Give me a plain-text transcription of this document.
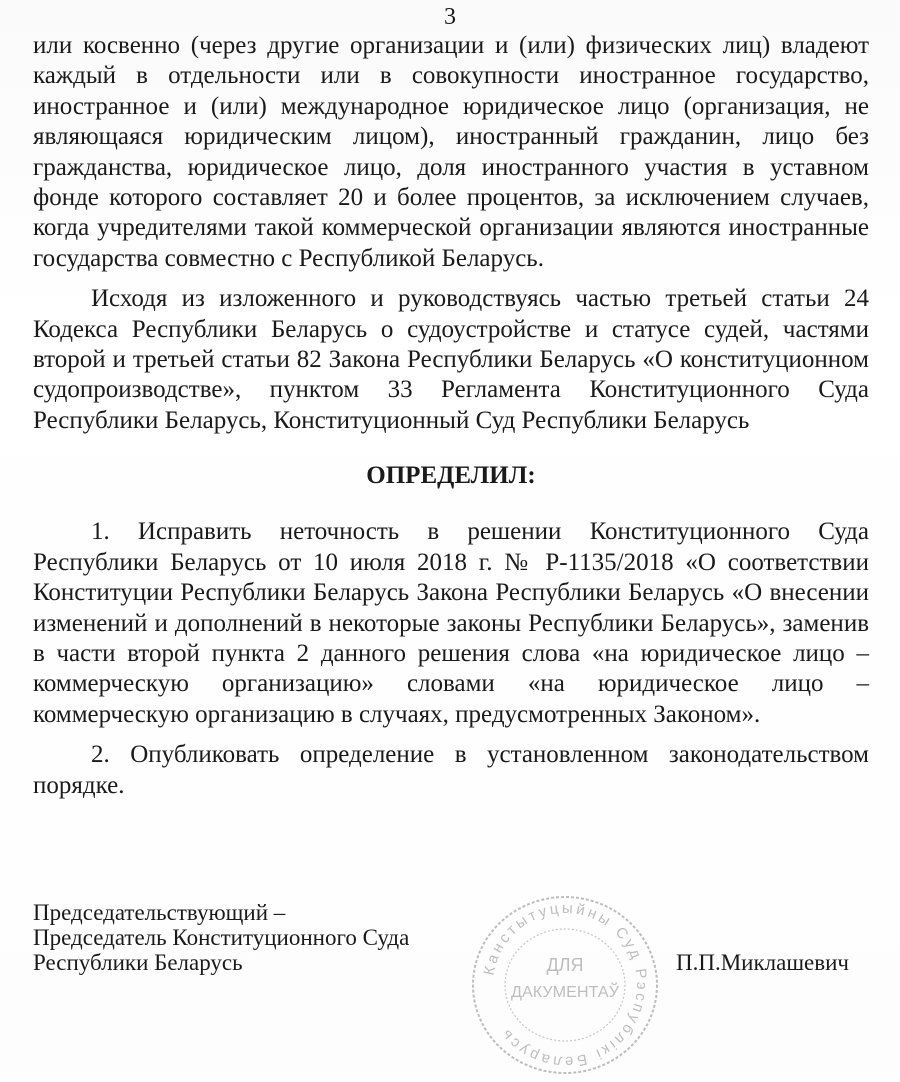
3

или косвенно (через другие организации и (или) физических лиц) владеют каждый в отдельности или в совокупности иностранное государство, иностранное и (или) международное юридическое лицо (организация, не являющаяся юридическим лицом), иностранный гражданин, лицо без гражданства, юридическое лицо, доля иностранного участия в уставном фонде которого составляет 20 и более процентов, за исключением случаев, когда учредителями такой коммерческой организации являются иностранные государства совместно с Республикой Беларусь.

Исходя из изложенного и руководствуясь частью третьей статьи 24 Кодекса Республики Беларусь о судоустройстве и статусе судей, частями второй и третьей статьи 82 Закона Республики Беларусь «О конституционном судопроизводстве», пунктом 33 Регламента Конституционного Суда Республики Беларусь, Конституционный Суд Республики Беларусь

ОПРЕДЕЛИЛ:

1. Исправить неточность в решении Конституционного Суда Республики Беларусь от 10 июля 2018 г. № Р-1135/2018 «О соответствии Конституции Республики Беларусь Закона Республики Беларусь «О внесении изменений и дополнений в некоторые законы Республики Беларусь», заменив в части второй пункта 2 данного решения слова «на юридическое лицо – коммерческую организацию» словами «на юридическое лицо – коммерческую организацию в случаях, предусмотренных Законом».

2. Опубликовать определение в установленном законодательством порядке.

Председательствующий –
Председатель Конституционного Суда
Республики Беларусь	Канстытуцыйны Суд Рэспублікі Беларусь
ДЛЯ
ДАКУМЕНТАЎ
П.П.Миклашевич
